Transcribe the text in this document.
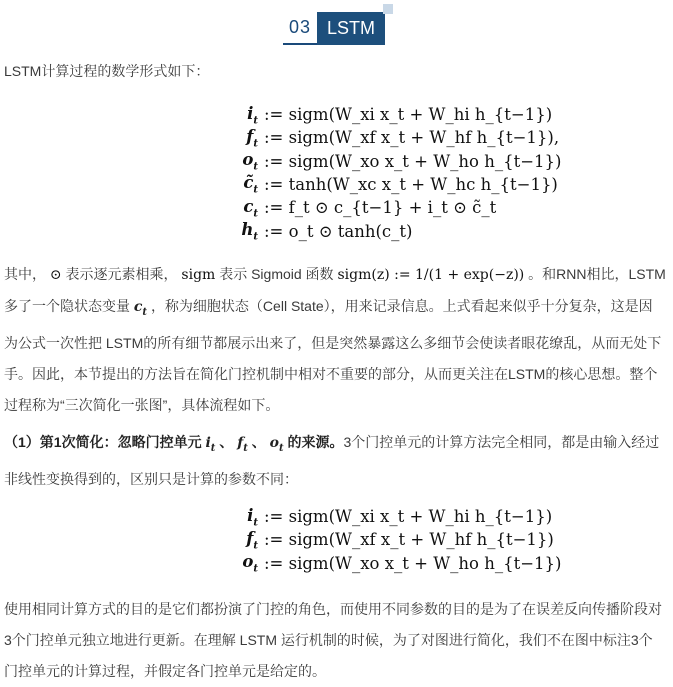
03 LSTM

LSTM计算过程的数学形式如下：

$i_t$ := sigm(W_xi x_t + W_hi h_{t−1})
$f_t$ := sigm(W_xf x_t + W_hf h_{t−1}),
$o_t$ := sigm(W_xo x_t + W_ho h_{t−1})
$c̃_t$ := tanh(W_xc x_t + W_hc h_{t−1})
$c_t$ := f_t ⊙ c_{t−1} + i_t ⊙ c̃_t
$h_t$ := o_t ⊙ tanh(c_t)

其中， ⊙ 表示逐元素相乘， sigm 表示 Sigmoid 函数 sigm(z) := 1/(1 + exp(−z)) 。和RNN相比，LSTM 多了一个隐状态变量 $c_t$ ，称为细胞状态（Cell State），用来记录信息。上式看起来似乎十分复杂，这是因为公式一次性把 LSTM的所有细节都展示出来了，但是突然暴露这么多细节会使读者眼花缭乱，从而无处下手。因此，本节提出的方法旨在简化门控机制中相对不重要的部分，从而更关注在LSTM的核心思想。整个过程称为“三次简化一张图”，具体流程如下。

（1）第1次简化：忽略门控单元 $i_t$ 、 $f_t$ 、 $o_t$ 的来源。3个门控单元的计算方法完全相同，都是由输入经过非线性变换得到的，区别只是计算的参数不同：

$i_t$ := sigm(W_xi x_t + W_hi h_{t−1})
$f_t$ := sigm(W_xf x_t + W_hf h_{t−1})
$o_t$ := sigm(W_xo x_t + W_ho h_{t−1})

使用相同计算方式的目的是它们都扮演了门控的角色，而使用不同参数的目的是为了在误差反向传播阶段对3个门控单元独立地进行更新。在理解 LSTM 运行机制的时候，为了对图进行简化，我们不在图中标注3个门控单元的计算过程，并假定各门控单元是给定的。
